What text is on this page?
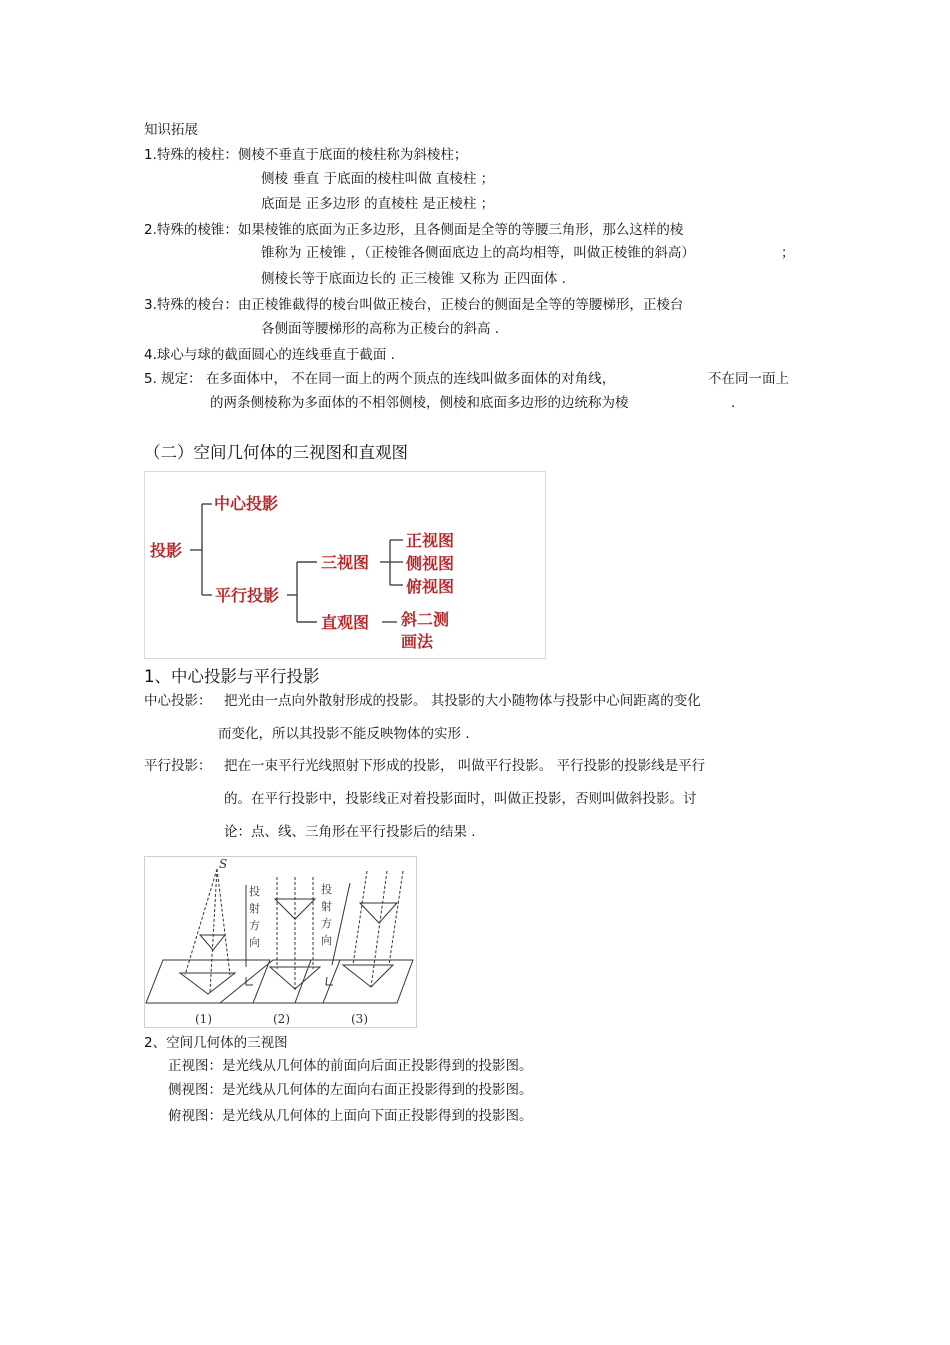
知识拓展
1.特殊的棱柱：侧棱不垂直于底面的棱柱称为斜棱柱；
侧棱 垂直 于底面的棱柱叫做 直棱柱 ；
底面是 正多边形 的直棱柱 是正棱柱 ；
2.特殊的棱锥：如果棱锥的底面为正多边形，且各侧面是全等的等腰三角形，那么这样的棱
锥称为 正棱锥 ，（正棱锥各侧面底边上的高均相等，叫做正棱锥的斜高）	；
侧棱长等于底面边长的 正三棱锥 又称为 正四面体 .
3.特殊的棱台：由正棱锥截得的棱台叫做正棱台，正棱台的侧面是全等的等腰梯形，正棱台
各侧面等腰梯形的高称为正棱台的斜高 .
4.球心与球的截面圆心的连线垂直于截面 .
5. 规定： 在多面体中， 不在同一面上的两个顶点的连线叫做多面体的对角线，	不在同一面上
的两条侧棱称为多面体的不相邻侧棱，侧棱和底面多边形的边统称为棱	.
（二）空间几何体的三视图和直观图
投影
中心投影
平行投影
三视图
正视图
侧视图
俯视图
直观图 斜二测
画法
1、中心投影与平行投影
中心投影： 把光由一点向外散射形成的投影。 其投影的大小随物体与投影中心间距离的变化
而变化，所以其投影不能反映物体的实形 .
平行投影： 把在一束平行光线照射下形成的投影， 叫做平行投影。 平行投影的投影线是平行
的。在平行投影中，投影线正对着投影面时，叫做正投影，否则叫做斜投影。讨
论：点、线、三角形在平行投影后的结果 .
S
投
射
方
向
投
射
方
向
(1)	(2)	(3)
2、空间几何体的三视图
正视图：是光线从几何体的前面向后面正投影得到的投影图。
侧视图：是光线从几何体的左面向右面正投影得到的投影图。
俯视图：是光线从几何体的上面向下面正投影得到的投影图。
